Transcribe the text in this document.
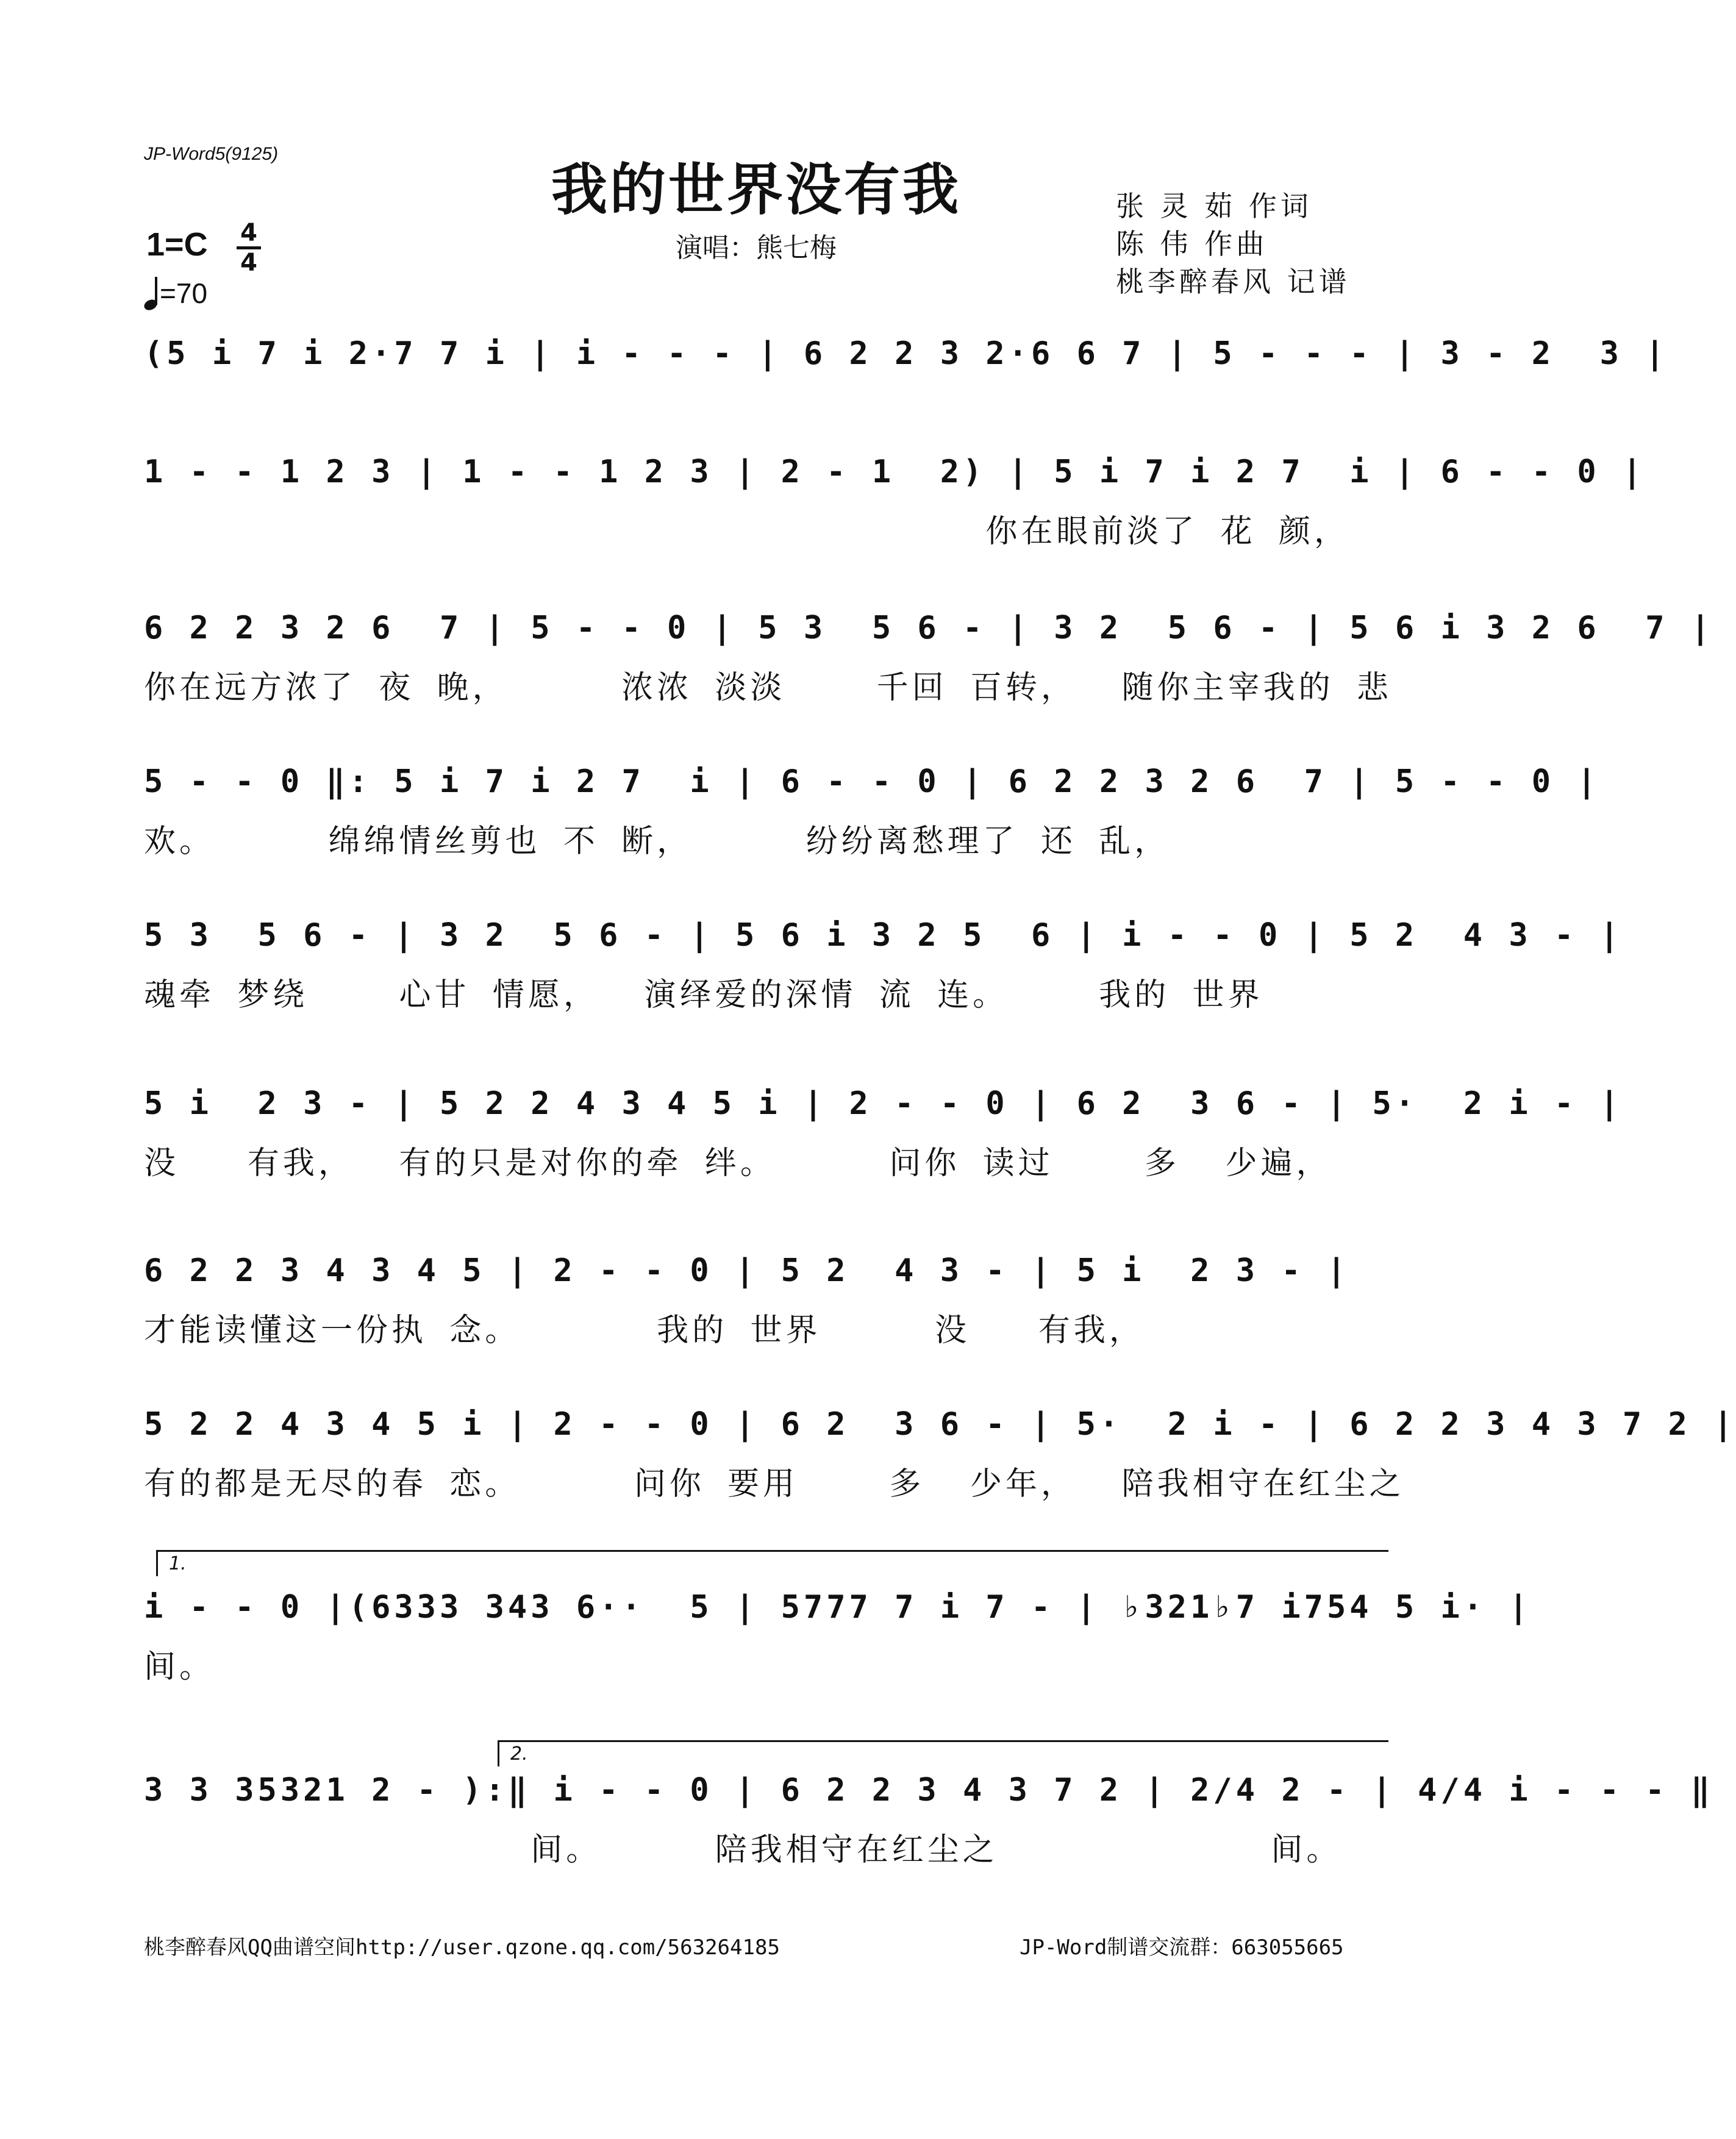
JP-Word5(9125)
我的世界没有我
演唱：熊七梅
张 灵 茹 作词
陈 伟 作曲
桃李醉春风 记谱
1=C 4
4
=70
(5 i 7 i 2·7 7 i | i - - - | 6 2 2 3 2·6 6 7 | 5 - - - | 3 - 2  3 |
1 - - 1 2 3 | 1 - - 1 2 3 | 2 - 1  2) | 5 i 7 i 2 7  i | 6 - - 0 |
你在眼前淡了 花 颜，
6 2 2 3 2 6  7 | 5 - - 0 | 5 3  5 6 - | 3 2  5 6 - | 5 6 i 3 2 6  7 |
你在远方浓了 夜 晚，     浓浓 淡淡    千回 百转，  随你主宰我的 悲
5 - - 0 ‖: 5 i 7 i 2 7  i | 6 - - 0 | 6 2 2 3 2 6  7 | 5 - - 0 |
欢。     绵绵情丝剪也 不 断，     纷纷离愁理了 还 乱，
5 3  5 6 - | 3 2  5 6 - | 5 6 i 3 2 5  6 | i - - 0 | 5 2  4 3 - |
魂牵 梦绕    心甘 情愿，  演绎爱的深情 流 连。    我的 世界
5 i  2 3 - | 5 2 2 4 3 4 5 i | 2 - - 0 | 6 2  3 6 - | 5·  2 i - |
没   有我，  有的只是对你的牵 绊。     问你 读过    多  少遍，
6 2 2 3 4 3 4 5 | 2 - - 0 | 5 2  4 3 - | 5 i  2 3 - |
才能读懂这一份执 念。      我的 世界     没   有我，
5 2 2 4 3 4 5 i | 2 - - 0 | 6 2  3 6 - | 5·  2 i - | 6 2 2 3 4 3 7 2 |
有的都是无尽的春 恋。     问你 要用    多  少年，  陪我相守在红尘之
1.
i - - 0 |(6333 343 6··  5 | 5777 7 i 7 - | ♭321♭7 i754 5 i· |
间。
2.
3 3 35321 2 - ):‖ i - - 0 | 6 2 2 3 4 3 7 2 | 2/4 2 - | 4/4 i - - - ‖
间。     陪我相守在红尘之            间。
桃李醉春风QQ曲谱空间http://user.qzone.qq.com/563264185	JP-Word制谱交流群：663055665
